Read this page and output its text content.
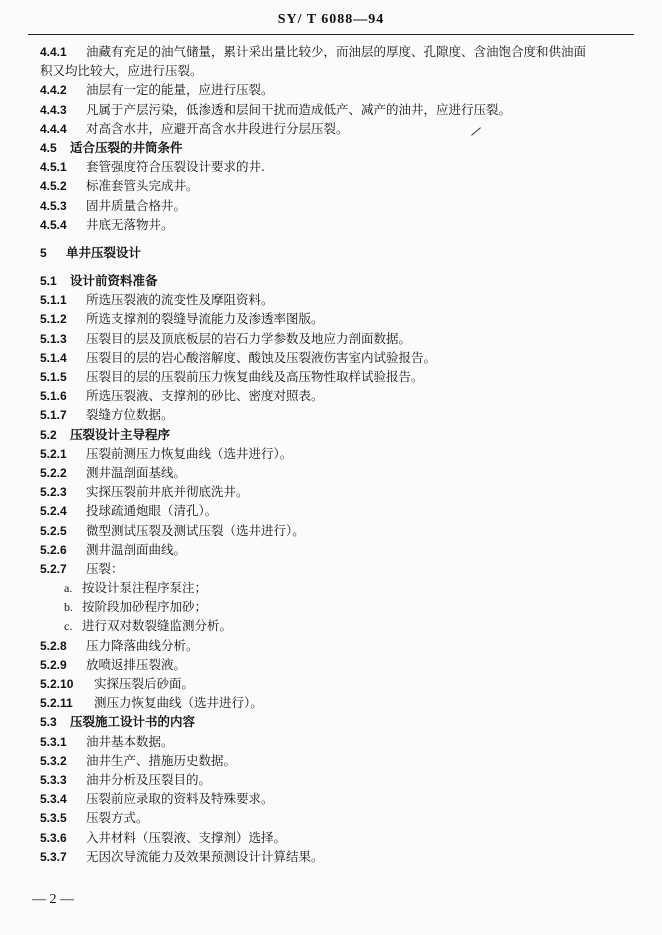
SY/ T 6088—94
4.4.1 油藏有充足的油气储量，累计采出量比较少，而油层的厚度、孔隙度、含油饱合度和供油面
积又均比较大，应进行压裂。
4.4.2 油层有一定的能量，应进行压裂。
4.4.3 凡属于产层污染，低渗透和层间干扰而造成低产、减产的油井，应进行压裂。
4.4.4 对高含水井，应避开高含水井段进行分层压裂。
4.5 适合压裂的井筒条件
4.5.1 套管强度符合压裂设计要求的井.
4.5.2 标准套管头完成井。
4.5.3 固井质量合格井。
4.5.4 井底无落物井。
5 单井压裂设计
5.1 设计前资料准备
5.1.1 所选压裂液的流变性及摩阻资料。
5.1.2 所选支撑剂的裂缝导流能力及渗透率图版。
5.1.3 压裂目的层及顶底板层的岩石力学参数及地应力剖面数据。
5.1.4 压裂目的层的岩心酸溶解度、酸蚀及压裂液伤害室内试验报告。
5.1.5 压裂目的层的压裂前压力恢复曲线及高压物性取样试验报告。
5.1.6 所选压裂液、支撑剂的砂比、密度对照表。
5.1.7 裂缝方位数据。
5.2 压裂设计主导程序
5.2.1 压裂前测压力恢复曲线（选井进行）。
5.2.2 测井温剖面基线。
5.2.3 实探压裂前井底并彻底洗井。
5.2.4 投球疏通炮眼（清孔）。
5.2.5 微型测试压裂及测试压裂（选井进行）。
5.2.6 测井温剖面曲线。
5.2.7 压裂：
a. 按设计泵注程序泵注；
b. 按阶段加砂程序加砂；
c. 进行双对数裂缝监测分析。
5.2.8 压力降落曲线分析。
5.2.9 放喷返排压裂液。
5.2.10 实探压裂后砂面。
5.2.11 测压力恢复曲线（选井进行）。
5.3 压裂施工设计书的内容
5.3.1 油井基本数据。
5.3.2 油井生产、措施历史数据。
5.3.3 油井分析及压裂目的。
5.3.4 压裂前应录取的资料及特殊要求。
5.3.5 压裂方式。
5.3.6 入井材料（压裂液、支撑剂）选择。
5.3.7 无因次导流能力及效果预测设计计算结果。
— 2 —
